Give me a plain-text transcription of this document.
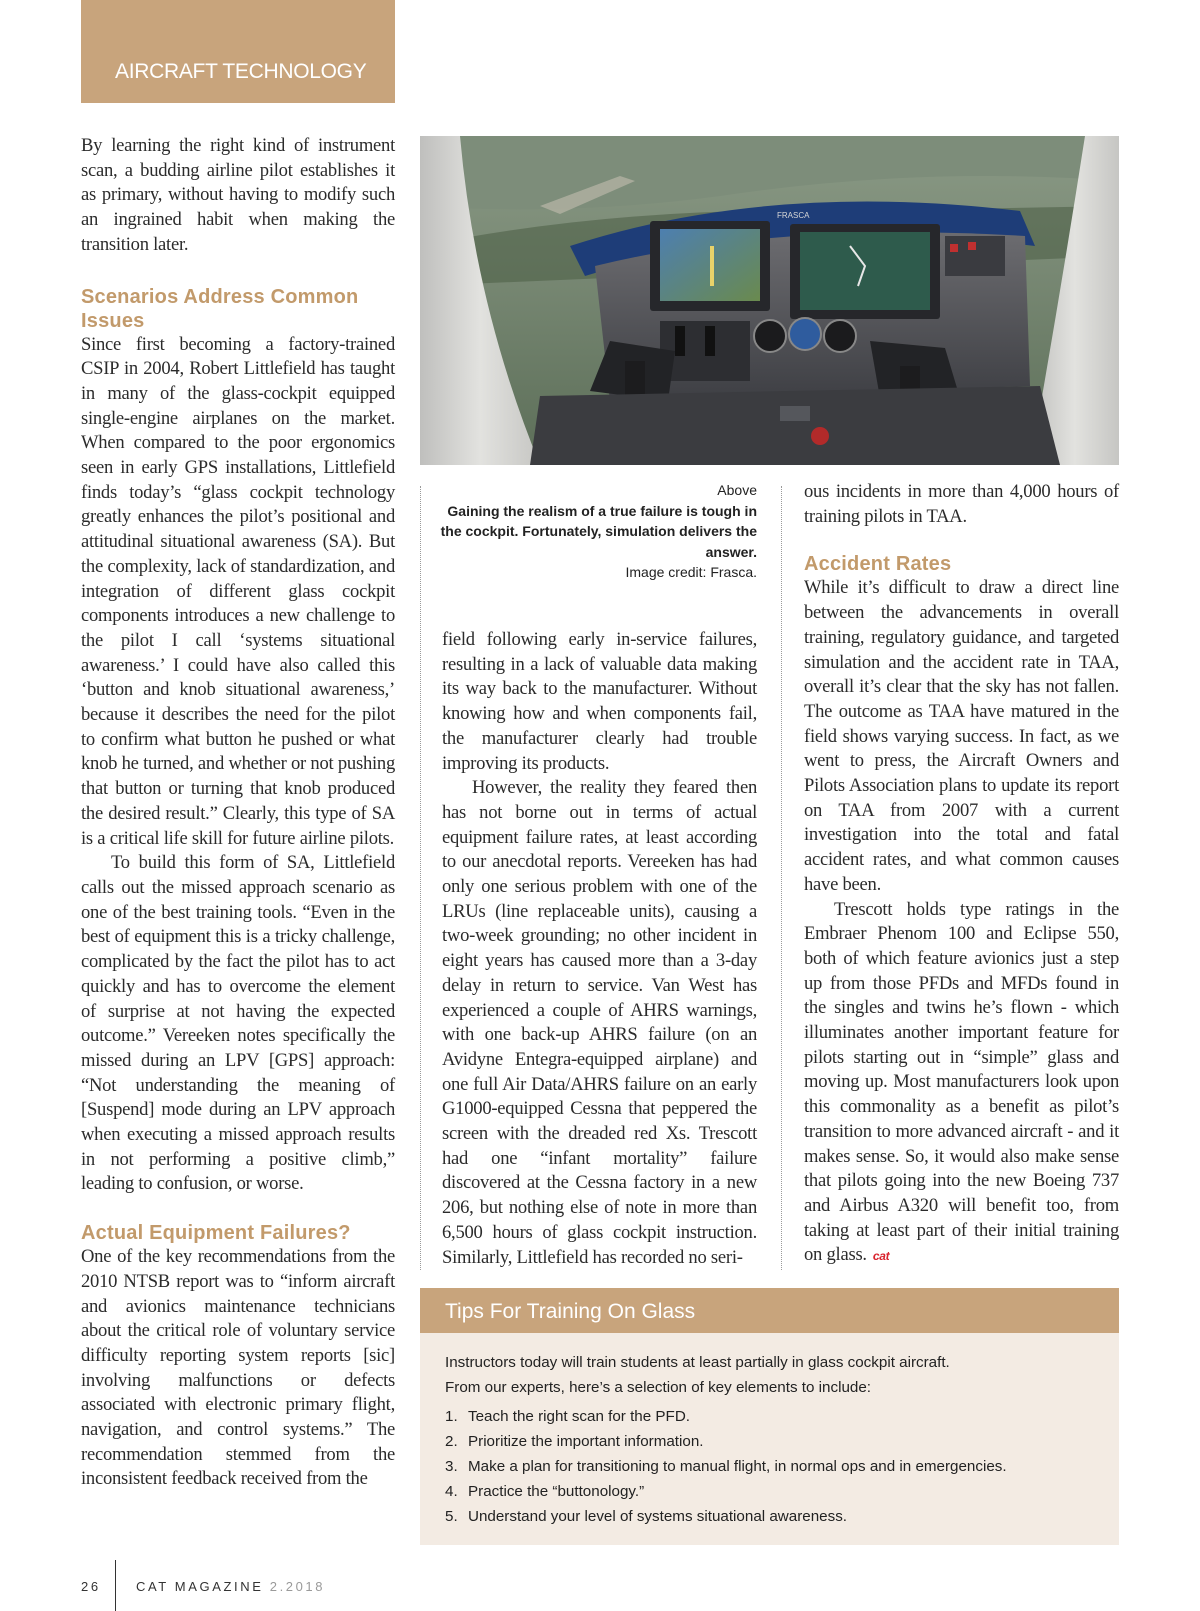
AIRCRAFT TECHNOLOGY

By learning the right kind of instrument scan, a budding airline pilot establishes it as primary, without having to modify such an ingrained habit when making the transition later.

Scenarios Address Common Issues

Since first becoming a factory-trained CSIP in 2004, Robert Littlefield has taught in many of the glass-cockpit equipped single-engine airplanes on the market. When compared to the poor ergonomics seen in early GPS installations, Littlefield finds today’s “glass cockpit technology greatly enhances the pilot’s positional and attitudinal situational awareness (SA). But the complexity, lack of standardization, and integration of different glass cockpit components introduces a new challenge to the pilot I call ‘systems situational awareness.’ I could have also called this ‘button and knob situational awareness,’ because it describes the need for the pilot to confirm what button he pushed or what knob he turned, and whether or not pushing that button or turning that knob produced the desired result.” Clearly, this type of SA is a critical life skill for future airline pilots.

To build this form of SA, Littlefield calls out the missed approach scenario as one of the best training tools. “Even in the best of equipment this is a tricky challenge, complicated by the fact the pilot has to act quickly and has to overcome the element of surprise at not having the expected outcome.” Vereeken notes specifically the missed during an LPV [GPS] approach: “Not understanding the meaning of [Suspend] mode during an LPV approach when executing a missed approach results in not performing a positive climb,” leading to confusion, or worse.

Actual Equipment Failures?

One of the key recommendations from the 2010 NTSB report was to “inform aircraft and avionics maintenance technicians about the critical role of voluntary service difficulty reporting system reports [sic] involving malfunctions or defects associated with electronic primary flight, navigation, and control systems.” The recommendation stemmed from the inconsistent feedback received from the

FRASCA
Above
Gaining the realism of a true failure is tough in the cockpit. Fortunately, simulation delivers the answer.
Image credit: Frasca.

field following early in-service failures, resulting in a lack of valuable data making its way back to the manufacturer. Without knowing how and when components fail, the manufacturer clearly had trouble improving its products.

However, the reality they feared then has not borne out in terms of actual equipment failure rates, at least according to our anecdotal reports. Vereeken has had only one serious problem with one of the LRUs (line replaceable units), causing a two-week grounding; no other incident in eight years has caused more than a 3-day delay in return to service. Van West has experienced a couple of AHRS warnings, with one back-up AHRS failure (on an Avidyne Entegra-equipped airplane) and one full Air Data/AHRS failure on an early G1000-equipped Cessna that peppered the screen with the dreaded red Xs. Trescott had one “infant mortality” failure discovered at the Cessna factory in a new 206, but nothing else of note in more than 6,500 hours of glass cockpit instruction. Similarly, Littlefield has recorded no seri-

ous incidents in more than 4,000 hours of training pilots in TAA.

Accident Rates

While it’s difficult to draw a direct line between the advancements in overall training, regulatory guidance, and targeted simulation and the accident rate in TAA, overall it’s clear that the sky has not fallen. The outcome as TAA have matured in the field shows varying success. In fact, as we went to press, the Aircraft Owners and Pilots Association plans to update its report on TAA from 2007 with a current investigation into the total and fatal accident rates, and what common causes have been.

Trescott holds type ratings in the Embraer Phenom 100 and Eclipse 550, both of which feature avionics just a step up from those PFDs and MFDs found in the singles and twins he’s flown - which illuminates another important feature for pilots starting out in “simple” glass and moving up. Most manufacturers look upon this commonality as a benefit as pilot’s transition to more advanced aircraft - and it makes sense. So, it would also make sense that pilots going into the new Boeing 737 and Airbus A320 will benefit too, from taking at least part of their initial training on glass. cat

Tips For Training On Glass
Instructors today will train students at least partially in glass cockpit aircraft.
From our experts, here’s a selection of key elements to include:
1. Teach the right scan for the PFD.
2. Prioritize the important information.
3. Make a plan for transitioning to manual flight, in normal ops and in emergencies.
4. Practice the “buttonology.”
5. Understand your level of systems situational awareness.
26	CAT MAGAZINE 2.2018
